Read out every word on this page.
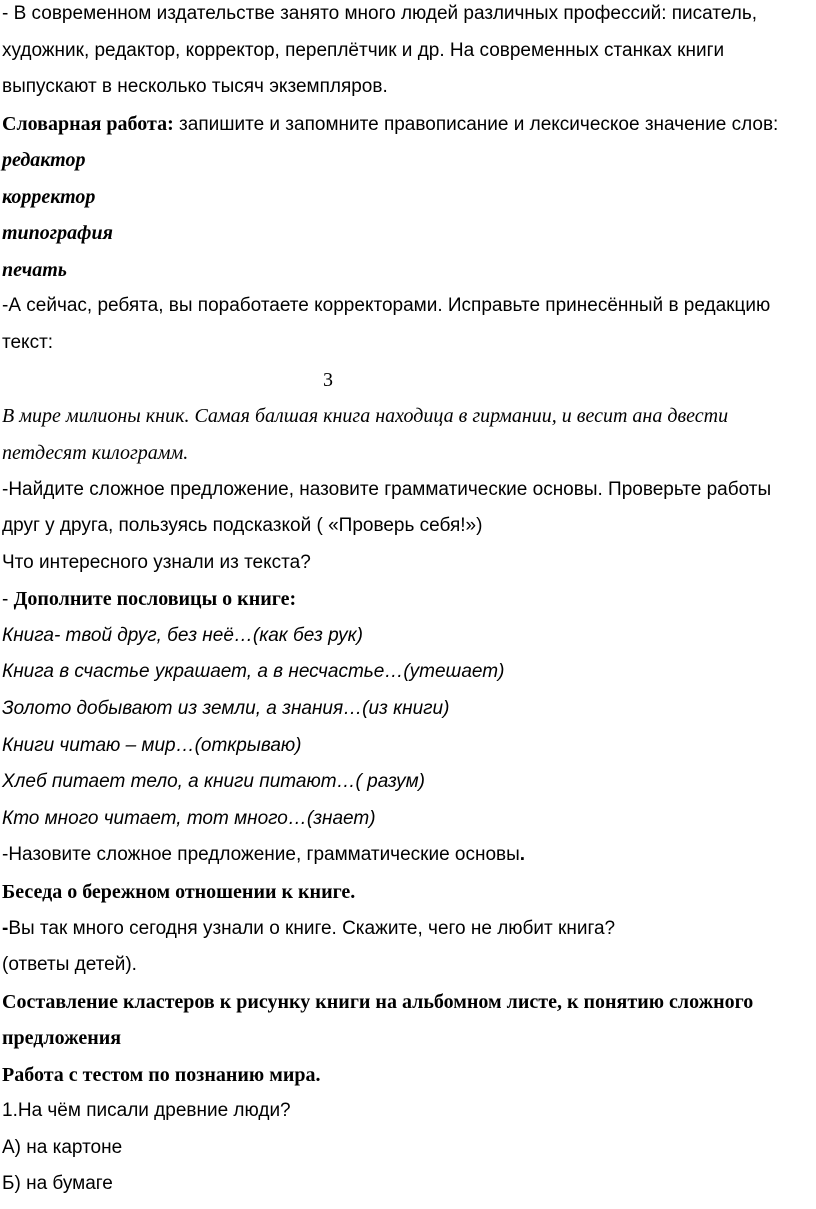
- В современном издательстве занято много людей различных профессий: писатель,
художник, редактор, корректор, переплётчик и др. На современных станках книги
выпускают в несколько тысяч экземпляров.
Словарная работа: запишите и запомните правописание и лексическое значение слов:
редактор
корректор
типография
печать
-А сейчас, ребята, вы поработаете корректорами. Исправьте принесённый в редакцию
текст:
3
В мире милионы кник. Самая балшая книга находица в гирмании, и весит ана двести
петдесят килограмм.
-Найдите сложное предложение, назовите грамматические основы. Проверьте работы
друг у друга, пользуясь подсказкой ( «Проверь себя!»)
Что интересного узнали из текста?
- Дополните пословицы о книге:
Книга- твой друг, без неё…(как без рук)
Книга в счастье украшает, а в несчастье…(утешает)
Золото добывают из земли, а знания…(из книги)
Книги читаю – мир…(открываю)
Хлеб питает тело, а книги питают…( разум)
Кто много читает, тот много…(знает)
-Назовите сложное предложение, грамматические основы.
Беседа о бережном отношении к книге.
-Вы так много сегодня узнали о книге. Скажите, чего не любит книга?
(ответы детей).
Составление кластеров к рисунку книги на альбомном листе, к понятию сложного
предложения
Работа с тестом по познанию мира.
1.На чём писали древние люди?
А) на картоне
Б) на бумаге
